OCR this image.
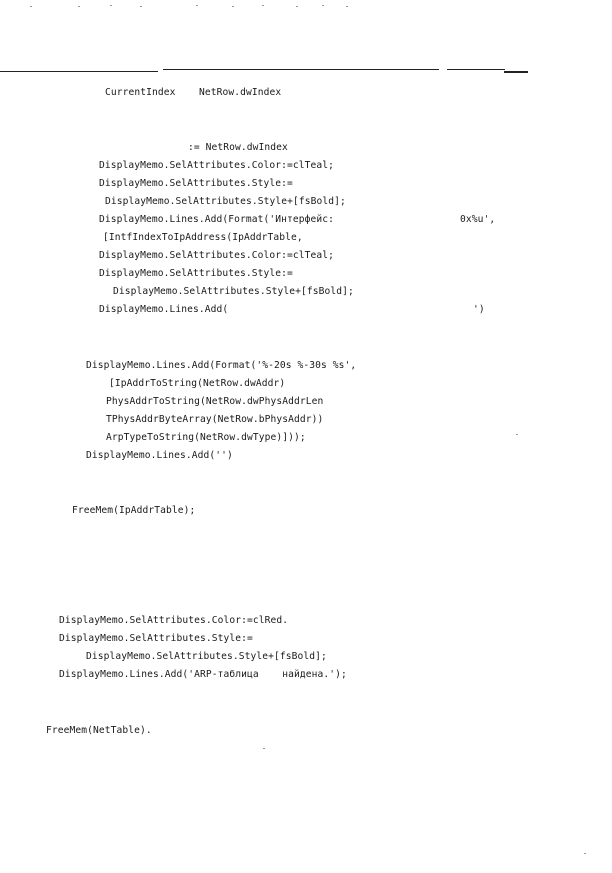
CurrentIndex    NetRow.dwIndex
:= NetRow.dwIndex
DisplayMemo.SelAttributes.Color:=clTeal;
DisplayMemo.SelAttributes.Style:=
DisplayMemo.SelAttributes.Style+[fsBold];
DisplayMemo.Lines.Add(Format('Интерфейс:	0x%u',
[IntfIndexToIpAddress(IpAddrTable,
DisplayMemo.SelAttributes.Color:=clTeal;
DisplayMemo.SelAttributes.Style:=
DisplayMemo.SelAttributes.Style+[fsBold];
DisplayMemo.Lines.Add(	')
DisplayMemo.Lines.Add(Format('%-20s %-30s %s',
[IpAddrToString(NetRow.dwAddr)
PhysAddrToString(NetRow.dwPhysAddrLen
TPhysAddrByteArray(NetRow.bPhysAddr))
ArpTypeToString(NetRow.dwType)]));
DisplayMemo.Lines.Add('')
FreeMem(IpAddrTable);
DisplayMemo.SelAttributes.Color:=clRed.
DisplayMemo.SelAttributes.Style:=
DisplayMemo.SelAttributes.Style+[fsBold];
DisplayMemo.Lines.Add('ARP-таблица    найдена.');
FreeMem(NetTable).
